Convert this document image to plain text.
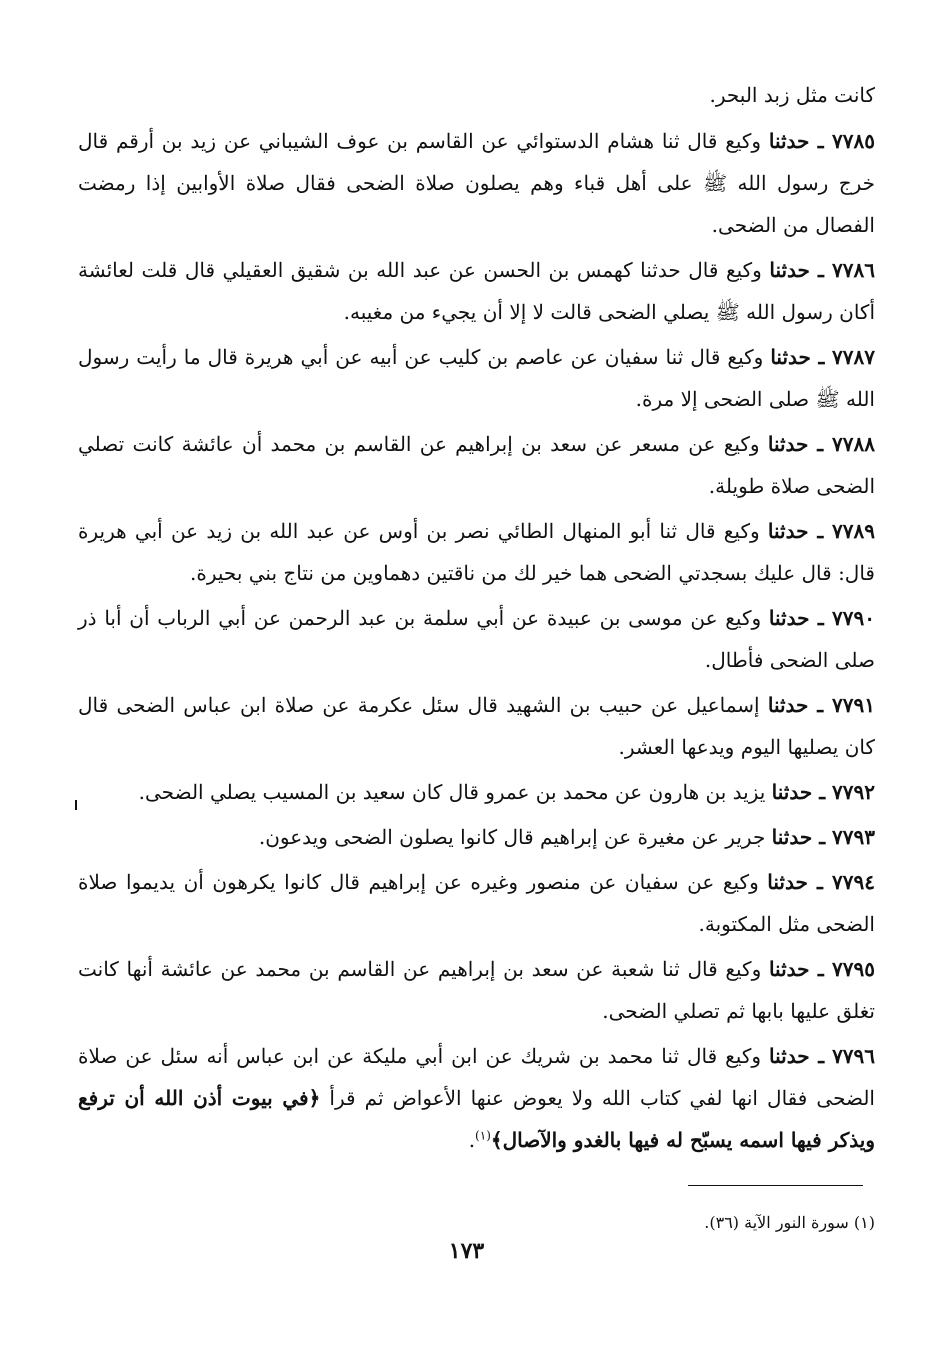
كانت مثل زبد البحر.

٧٧٨٥ ـ حدثنا وكيع قال ثنا هشام الدستوائي عن القاسم بن عوف الشيباني عن زيد بن أرقم قال خرج رسول الله ﷺ على أهل قباء وهم يصلون صلاة الضحى فقال صلاة الأوابين إذا رمضت الفصال من الضحى.

٧٧٨٦ ـ حدثنا وكيع قال حدثنا كهمس بن الحسن عن عبد الله بن شقيق العقيلي قال قلت لعائشة أكان رسول الله ﷺ يصلي الضحى قالت لا إلا أن يجيء من مغيبه.

٧٧٨٧ ـ حدثنا وكيع قال ثنا سفيان عن عاصم بن كليب عن أبيه عن أبي هريرة قال ما رأيت رسول الله ﷺ صلى الضحى إلا مرة.

٧٧٨٨ ـ حدثنا وكيع عن مسعر عن سعد بن إبراهيم عن القاسم بن محمد أن عائشة كانت تصلي الضحى صلاة طويلة.

٧٧٨٩ ـ حدثنا وكيع قال ثنا أبو المنهال الطائي نصر بن أوس عن عبد الله بن زيد عن أبي هريرة قال: قال عليك بسجدتي الضحى هما خير لك من ناقتين دهماوين من نتاج بني بحيرة.

٧٧٩٠ ـ حدثنا وكيع عن موسى بن عبيدة عن أبي سلمة بن عبد الرحمن عن أبي الرباب أن أبا ذر صلى الضحى فأطال.

٧٧٩١ ـ حدثنا إسماعيل عن حبيب بن الشهيد قال سئل عكرمة عن صلاة ابن عباس الضحى قال كان يصليها اليوم ويدعها العشر.

٧٧٩٢ ـ حدثنا يزيد بن هارون عن محمد بن عمرو قال كان سعيد بن المسيب يصلي الضحى.

٧٧٩٣ ـ حدثنا جرير عن مغيرة عن إبراهيم قال كانوا يصلون الضحى ويدعون.

٧٧٩٤ ـ حدثنا وكيع عن سفيان عن منصور وغيره عن إبراهيم قال كانوا يكرهون أن يديموا صلاة الضحى مثل المكتوبة.

٧٧٩٥ ـ حدثنا وكيع قال ثنا شعبة عن سعد بن إبراهيم عن القاسم بن محمد عن عائشة أنها كانت تغلق عليها بابها ثم تصلي الضحى.

٧٧٩٦ ـ حدثنا وكيع قال ثنا محمد بن شريك عن ابن أبي مليكة عن ابن عباس أنه سئل عن صلاة الضحى فقال انها لفي كتاب الله ولا يعوض عنها الأعواض ثم قرأ ﴿في بيوت أذن الله أن ترفع ويذكر فيها اسمه يسبّح له فيها بالغدو والآصال﴾$^{(١)}$.

(١) سورة النور الآية (٣٦).
١٧٣
